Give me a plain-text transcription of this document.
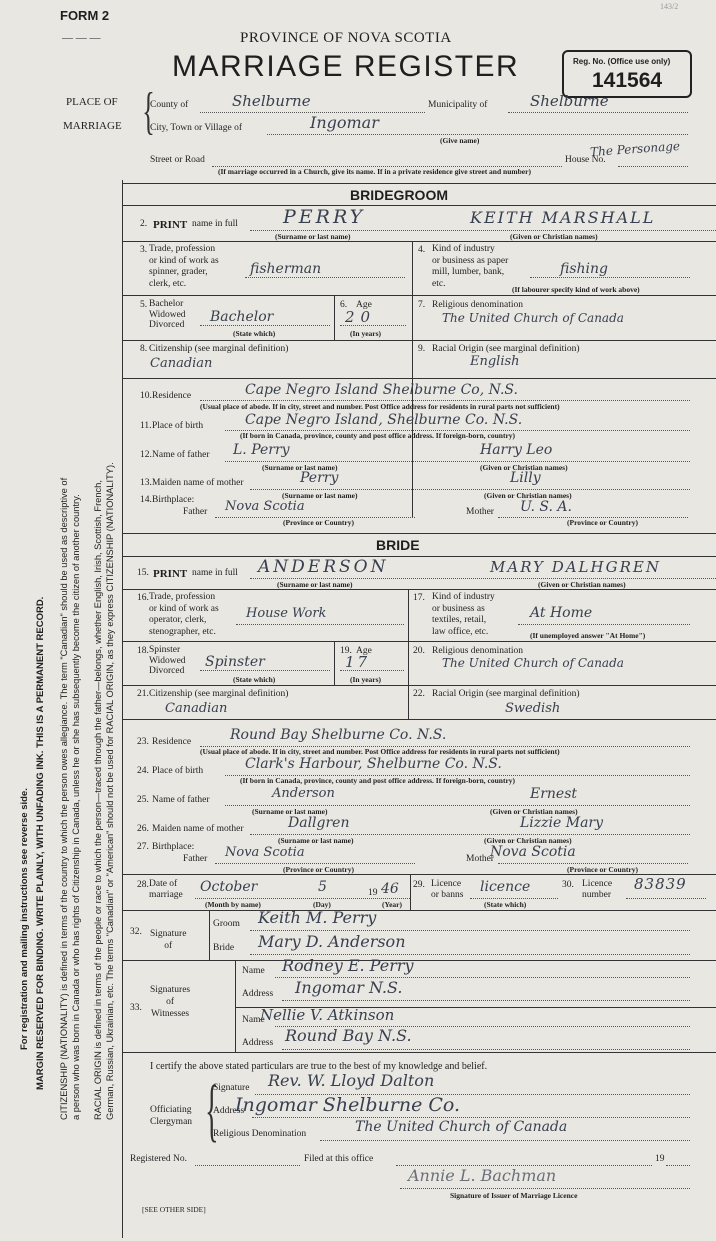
FORM 2
— — —
143/2
PROVINCE OF NOVA SCOTIA
MARRIAGE REGISTER	Reg. No. (Office use only)
141564
PLACE OF
MARRIAGE {
County of	Shelburne	Municipality of	Shelburne
City, Town or Village of	Ingomar
(Give name)
Street or Road	House No.
The Personage
(If marriage occurred in a Church, give its name. If in a private residence give street and number)
For registration and mailing instructions see reverse side. MARGIN RESERVED FOR BINDING. WRITE PLAINLY, WITH UNFADING INK. THIS IS A PERMANENT RECORD. CITIZENSHIP (NATIONALITY) is defined in terms of the country to which the person owes allegiance. The term "Canadian" should be used as descriptive of a person who was born in Canada or who has rights of Citizenship in Canada, unless he or she has subsequently become the citizen of another country. RACIAL ORIGIN is defined in terms of the people or race to which the person—traced through the father—belongs, whether English, Irish, Scottish, French, German, Russian, Ukrainian, etc. The terms "Canadian" or "American" should not be used for RACIAL ORIGIN, as they express CITIZENSHIP (NATIONALITY).
BRIDEGROOM
2. PRINT name in full PERRY	KEITH MARSHALL
(Surname or last name)	(Given or Christian names)
3. Trade, profession
or kind of work as
spinner, grader,
clerk, etc.
fisherman
4. Kind of industry
or business as paper
mill, lumber, bank,
etc.
fishing
(If labourer specify kind of work above)
5. Bachelor
Widowed
Divorced Bachelor
(State which)
6. Age
20
(In years)
7. Religious denomination
The United Church of Canada
8. Citizenship (see marginal definition)
Canadian
9. Racial Origin (see marginal definition)
English
10. Residence	Cape Negro Island Shelburne Co, N.S.
(Usual place of abode. If in city, street and number. Post Office address for residents in rural parts not sufficient)
11. Place of birth	Cape Negro Island, Shelburne Co. N.S.
(If born in Canada, province, county and post office address. If foreign-born, country)
12. Name of father L. Perry	Harry Leo
(Surname or last name)	(Given or Christian names)
13. Maiden name of mother	Perry	Lilly
(Surname or last name)	(Given or Christian names)
14. Birthplace:
Father Nova Scotia	Mother U. S. A.
(Province or Country)	(Province or Country)
BRIDE
15. PRINT name in full ANDERSON	MARY DALHGREN
(Surname or last name)	(Given or Christian names)
16. Trade, profession
or kind of work as
operator, clerk,
stenographer, etc.
House Work
17. Kind of industry
or business as
textiles, retail,
law office, etc.
At Home
(If unemployed answer "At Home")
18. Spinster
Widowed
Divorced
Spinster
(State which)
19. Age
17
(In years)
20. Religious denomination
The United Church of Canada
21. Citizenship (see marginal definition)
Canadian
22. Racial Origin (see marginal definition)
Swedish
23. Residence	Round Bay Shelburne Co. N.S.
(Usual place of abode. If in city, street and number. Post Office address for residents in rural parts not sufficient)
24. Place of birth	Clark's Harbour, Shelburne Co. N.S.
(If born in Canada, province, county and post office address. If foreign-born, country)
25. Name of father	Anderson	Ernest
(Surname or last name)	(Given or Christian names)
26. Maiden name of mother	Dallgren	Lizzie Mary
(Surname or last name)	(Given or Christian names)
27. Birthplace:
Father Nova Scotia	Mother
Nova Scotia
(Province or Country)	(Province or Country)
28. Date of
marriage October	5	19 46
(Month by name)	(Day)	(Year)
29. Licence
or banns licence
(State which)
30. Licence
number
83839
32. Signature
of
Groom Keith M. Perry
Bride Mary D. Anderson
33.
Signatures
of
Witnesses
Name Rodney E. Perry
Address Ingomar N.S.
Name
Nellie V. Atkinson
Address Round Bay N.S.
I certify the above stated particulars are true to the best of my knowledge and belief.
Officiating
Clergyman {
Signature Rev. W. Lloyd Dalton
Address
Ingomar Shelburne Co.
Religious Denomination	The United Church of Canada
Registered No.	Filed at this office	19
Annie L. Bachman
Signature of Issuer of Marriage Licence
[SEE OTHER SIDE]
